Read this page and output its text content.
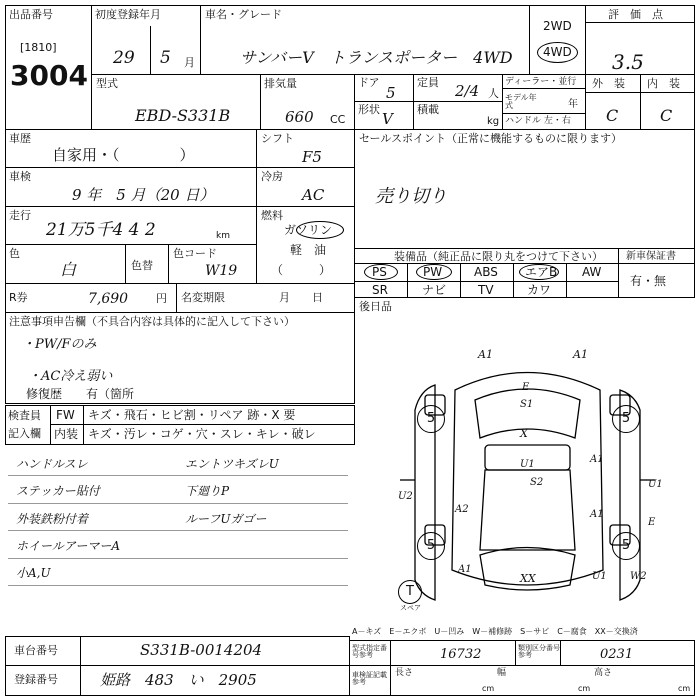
出品番号
[1810]
3004
初度登録年月
29 5 月
車名・グレード
サンバーV　トランスポーター　4WD
2WD
4WD
評　価　点
3.5
型式
EBD-S331B
排気量
660 CC
ドア
5
定員 2/4 人
形状
V
積載
kg
ディーラー・並行
モデル年式	年
ハンドル 左・右
外　装 内　装
C	C
車歴
自家用・（　　　　）
シフト
F5
車検
9 年　5 月（20 日）
冷房
AC
走行
21万5千4 4 2	km
燃料
ガソリン
軽　油
（　　　）
色
白	色替
色コード
W19
セールスポイント（正常に機能するものに限ります）
売り切り
装備品（純正品に限り丸をつけて下さい）
PS	PW	ABS エアB AW
SR	ナビ	TV	カワ
新車保証書
有・無
R券	7,690	円 名変期限	月　　日
後日品
注意事項申告欄（不具合内容は具体的に記入して下さい）
・PW/Fのみ
・AC冷え弱い
修復歴　　有（箇所
検査員
記入欄
FW キズ・飛石・ヒビ割・リペア 跡・X 要
内装 キズ・汚レ・コゲ・穴・スレ・キレ・破レ
ハンドルスレ
ステッカー貼付
外装鉄粉付着
ホイールアーマーA
小A,U
エントツキズレU
下廻りP
ルーフUガゴー
5	5
5	5
T
スペア
A1	A1
E
S1
X
U1
S2
U2
A2
A1
U1
E
A1
A1
XX	U1 W2
A－キズ　E－エクボ　U－凹み　W－補修跡　S－サビ　C－腐食　XX－交換済
車台番号	S331B-0014204
登録番号	姫路　483　い　2905
型式指定番号参考	16732	類別区分番号参考	0231
車検証記載参考
長さ
cm
幅
cm
高さ
cm
